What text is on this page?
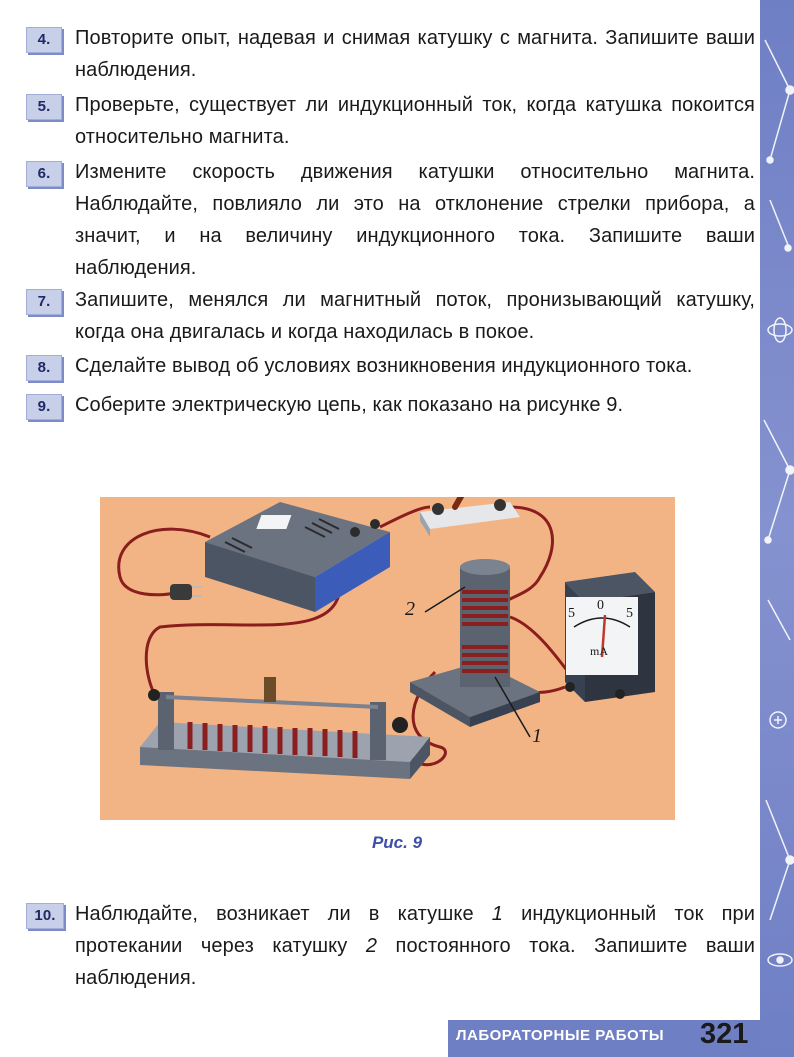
4.	Повторите опыт, надевая и снимая катушку с магнита. Запишите ваши наблюдения.
5.	Проверьте, существует ли индукционный ток, когда катушка покоится относительно магнита.
6.	Измените скорость движения катушки относительно магнита. Наблюдайте, повлияло ли это на отклонение стрелки прибора, а значит, и на величину индукционного тока. Запишите ваши наблюдения.
7.	Запишите, менялся ли магнитный поток, пронизывающий катушку, когда она двигалась и когда находилась в покое.
8.	Сделайте вывод об условиях возникновения индукционного тока.
9.	Соберите электрическую цепь, как показано на рисунке 9.
2
1
5
0
5
mA
Рис. 9
10. Наблюдайте, возникает ли в катушке 1 индукционный ток при протекании через катушку 2 постоянного тока. Запишите ваши наблюдения.
ЛАБОРАТОРНЫЕ РАБОТЫ 321
